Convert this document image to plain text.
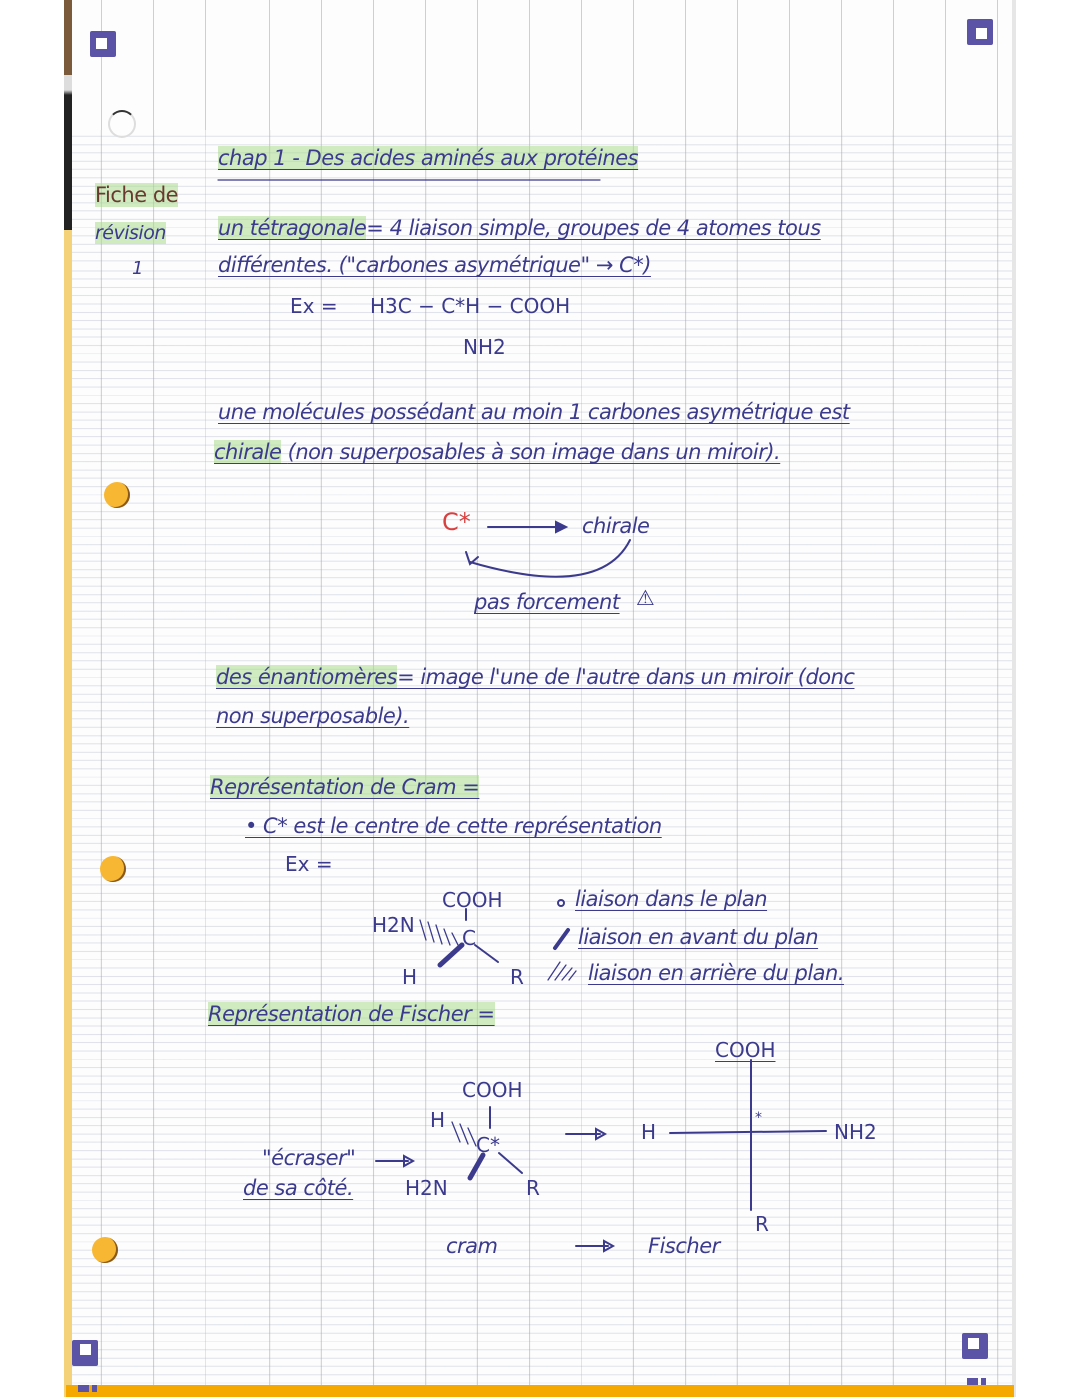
chap 1 - Des acides aminés aux protéines
Fiche de
révision
1
un tétragonale= 4 liaison simple, groupes de 4 atomes tous
différentes. ("carbones asymétrique" → C*)
Ex = H3C − C*H − COOH
NH2
une molécules possédant au moin 1 carbones asymétrique est
chirale (non superposables à son image dans un miroir).
C*	chirale
pas forcement ⚠
des énantiomères= image l'une de l'autre dans un miroir (donc
non superposable).
Représentation de Cram =
• C* est le centre de cette représentation
Ex =
COOH
H2N
C
H	R
liaison dans le plan
liaison en avant du plan
liaison en arrière du plan.
Représentation de Fischer =
"écraser"
de sa côté.
COOH
H
C*
H2N	R
COOH
H	NH2
R
*
cram	Fischer
